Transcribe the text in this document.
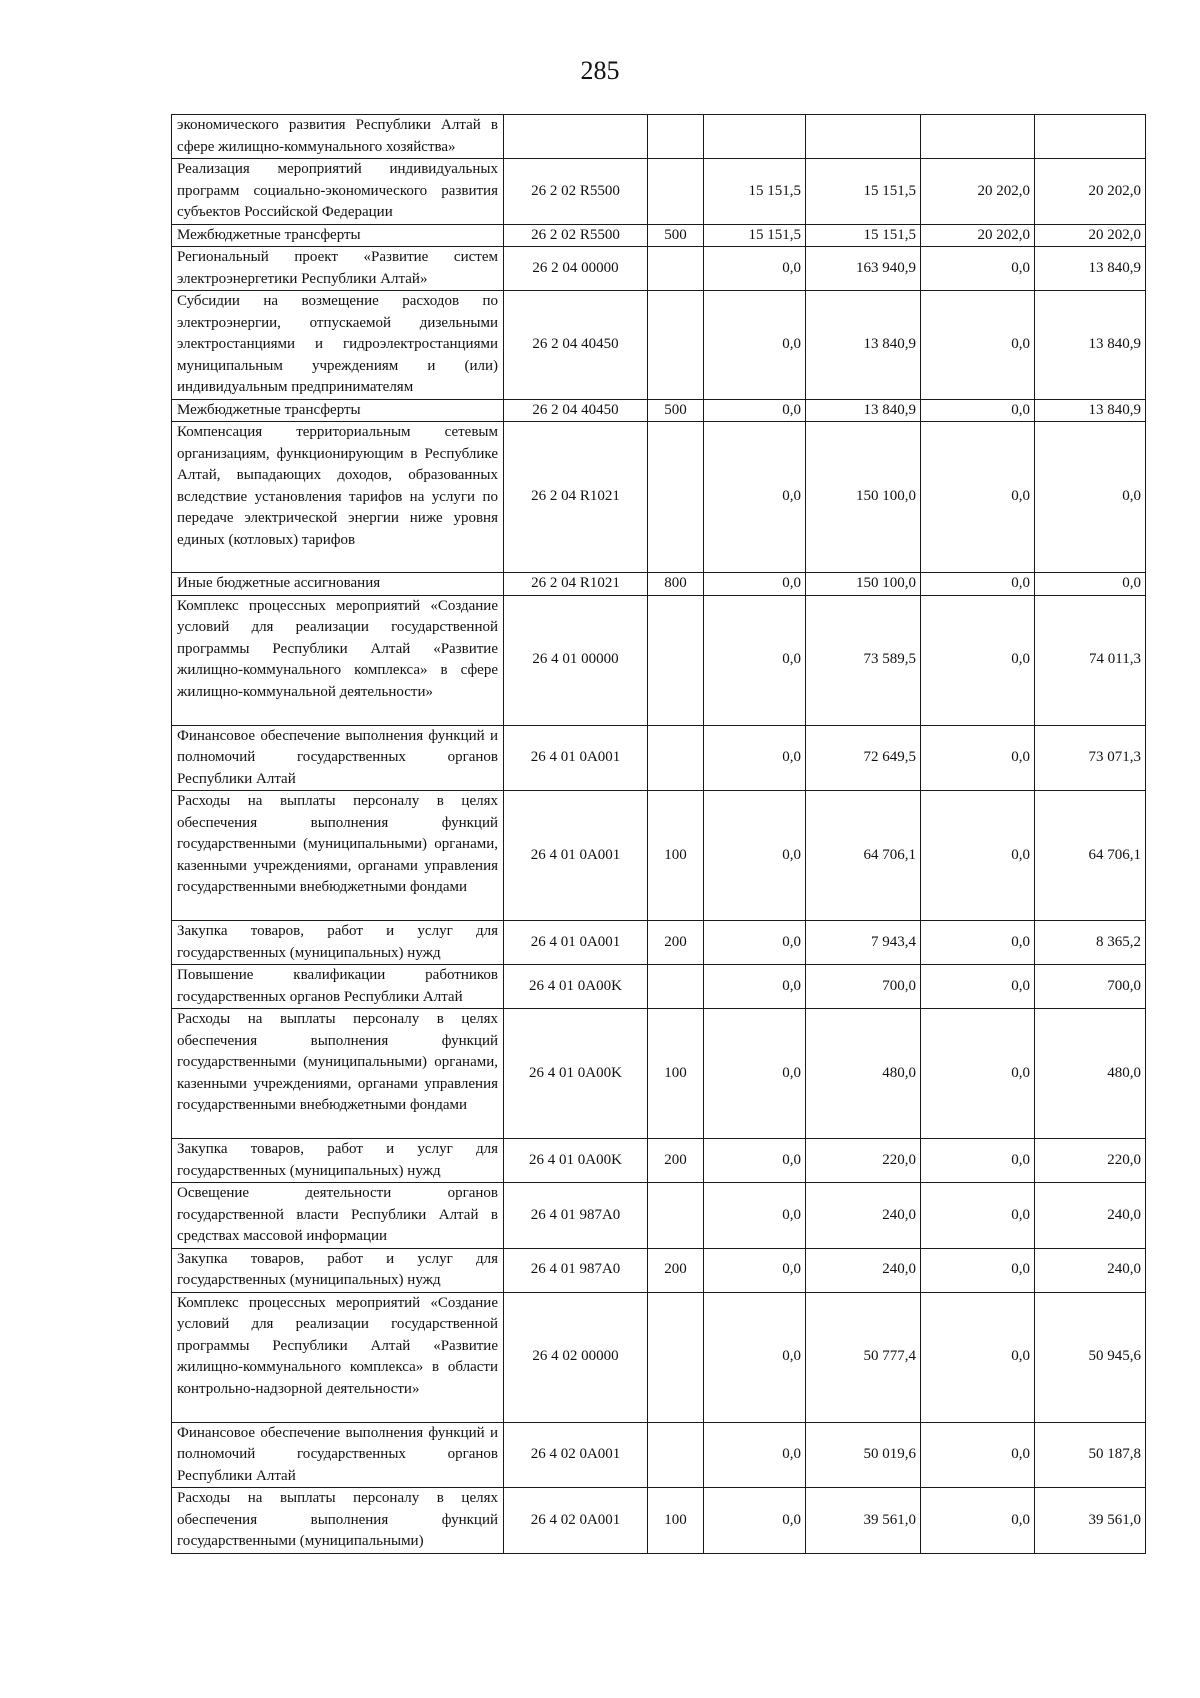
285
экономического развития Республики Алтай в сфере жилищно-коммунального хозяйства»						
Реализация мероприятий индивидуальных программ социально-экономического развития субъектов Российской Федерации	26 2 02 R5500		15 151,5	15 151,5	20 202,0	20 202,0
Межбюджетные трансферты	26 2 02 R5500	500	15 151,5	15 151,5	20 202,0	20 202,0
Региональный проект «Развитие систем электроэнергетики Республики Алтай»	26 2 04 00000		0,0	163 940,9	0,0	13 840,9
Субсидии на возмещение расходов по электроэнергии, отпускаемой дизельными электростанциями и гидроэлектростанциями муниципальным учреждениям и (или) индивидуальным предпринимателям	26 2 04 40450		0,0	13 840,9	0,0	13 840,9
Межбюджетные трансферты	26 2 04 40450	500	0,0	13 840,9	0,0	13 840,9
Компенсация территориальным сетевым организациям, функционирующим в Республике Алтай, выпадающих доходов, образованных вследствие установления тарифов на услуги по передаче электрической энергии ниже уровня единых (котловых) тарифов	26 2 04 R1021		0,0	150 100,0	0,0	0,0
Иные бюджетные ассигнования	26 2 04 R1021	800	0,0	150 100,0	0,0	0,0
Комплекс процессных мероприятий «Создание условий для реализации государственной программы Республики Алтай «Развитие жилищно-коммунального комплекса» в сфере жилищно-коммунальной деятельности»	26 4 01 00000		0,0	73 589,5	0,0	74 011,3
Финансовое обеспечение выполнения функций и полномочий государственных органов Республики Алтай	26 4 01 0A001		0,0	72 649,5	0,0	73 071,3
Расходы на выплаты персоналу в целях обеспечения выполнения функций государственными (муниципальными) органами, казенными учреждениями, органами управления государственными внебюджетными фондами	26 4 01 0A001	100	0,0	64 706,1	0,0	64 706,1
Закупка товаров, работ и услуг для государственных (муниципальных) нужд	26 4 01 0A001	200	0,0	7 943,4	0,0	8 365,2
Повышение квалификации работников государственных органов Республики Алтай	26 4 01 0A00K		0,0	700,0	0,0	700,0
Расходы на выплаты персоналу в целях обеспечения выполнения функций государственными (муниципальными) органами, казенными учреждениями, органами управления государственными внебюджетными фондами	26 4 01 0A00K	100	0,0	480,0	0,0	480,0
Закупка товаров, работ и услуг для государственных (муниципальных) нужд	26 4 01 0A00K	200	0,0	220,0	0,0	220,0
Освещение деятельности органов государственной власти Республики Алтай в средствах массовой информации	26 4 01 987A0		0,0	240,0	0,0	240,0
Закупка товаров, работ и услуг для государственных (муниципальных) нужд	26 4 01 987A0	200	0,0	240,0	0,0	240,0
Комплекс процессных мероприятий «Создание условий для реализации государственной программы Республики Алтай «Развитие жилищно-коммунального комплекса» в области контрольно-надзорной деятельности»	26 4 02 00000		0,0	50 777,4	0,0	50 945,6
Финансовое обеспечение выполнения функций и полномочий государственных органов Республики Алтай	26 4 02 0A001		0,0	50 019,6	0,0	50 187,8
Расходы на выплаты персоналу в целях обеспечения выполнения функций государственными (муниципальными)	26 4 02 0A001	100	0,0	39 561,0	0,0	39 561,0
